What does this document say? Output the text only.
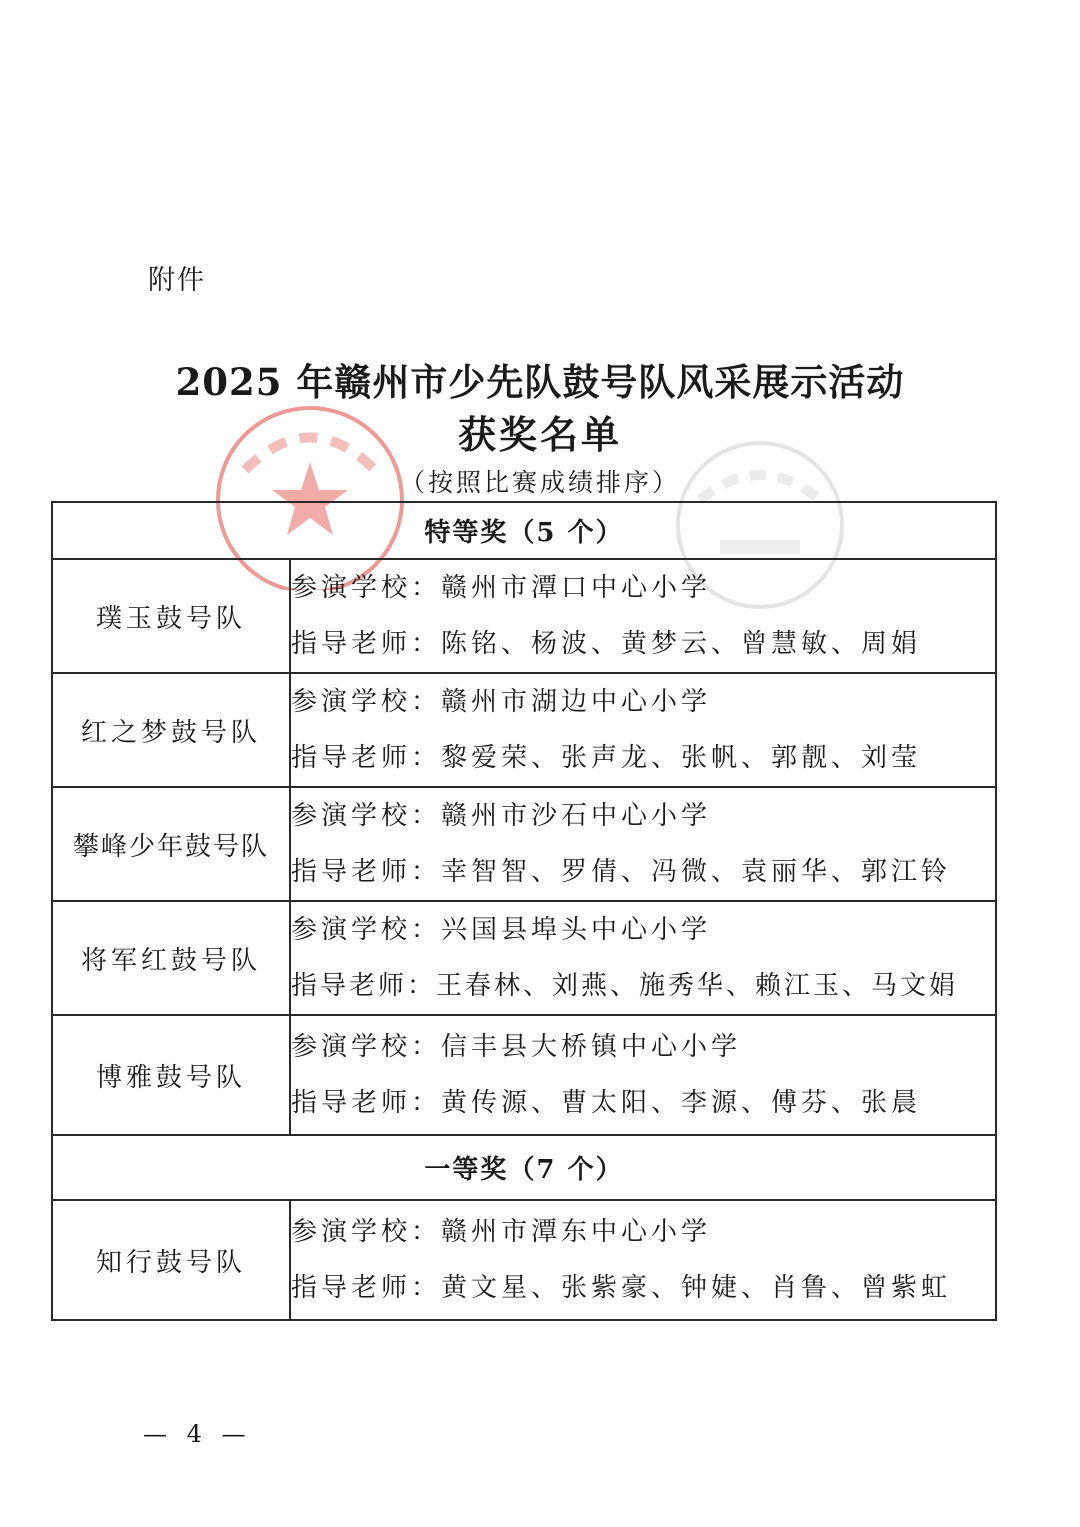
附件
2025 年赣州市少先队鼓号队风采展示活动
获奖名单
（按照比赛成绩排序）
特等奖（5 个）	
璞玉鼓号队	参演学校：赣州市潭口中心小学
指导老师：陈铭、杨波、黄梦云、曾慧敏、周娟

红之梦鼓号队	参演学校：赣州市湖边中心小学
指导老师：黎爱荣、张声龙、张帆、郭靓、刘莹

攀峰少年鼓号队	参演学校：赣州市沙石中心小学
指导老师：幸智智、罗倩、冯微、袁丽华、郭江铃

将军红鼓号队	参演学校：兴国县埠头中心小学
指导老师：王春林、刘燕、施秀华、赖江玉、马文娟

博雅鼓号队	参演学校：信丰县大桥镇中心小学
指导老师：黄传源、曹太阳、李源、傅芬、张晨

一等奖（7 个）	
知行鼓号队	参演学校：赣州市潭东中心小学
指导老师：黄文星、张紫豪、钟婕、肖鲁、曾紫虹
— 4 —
